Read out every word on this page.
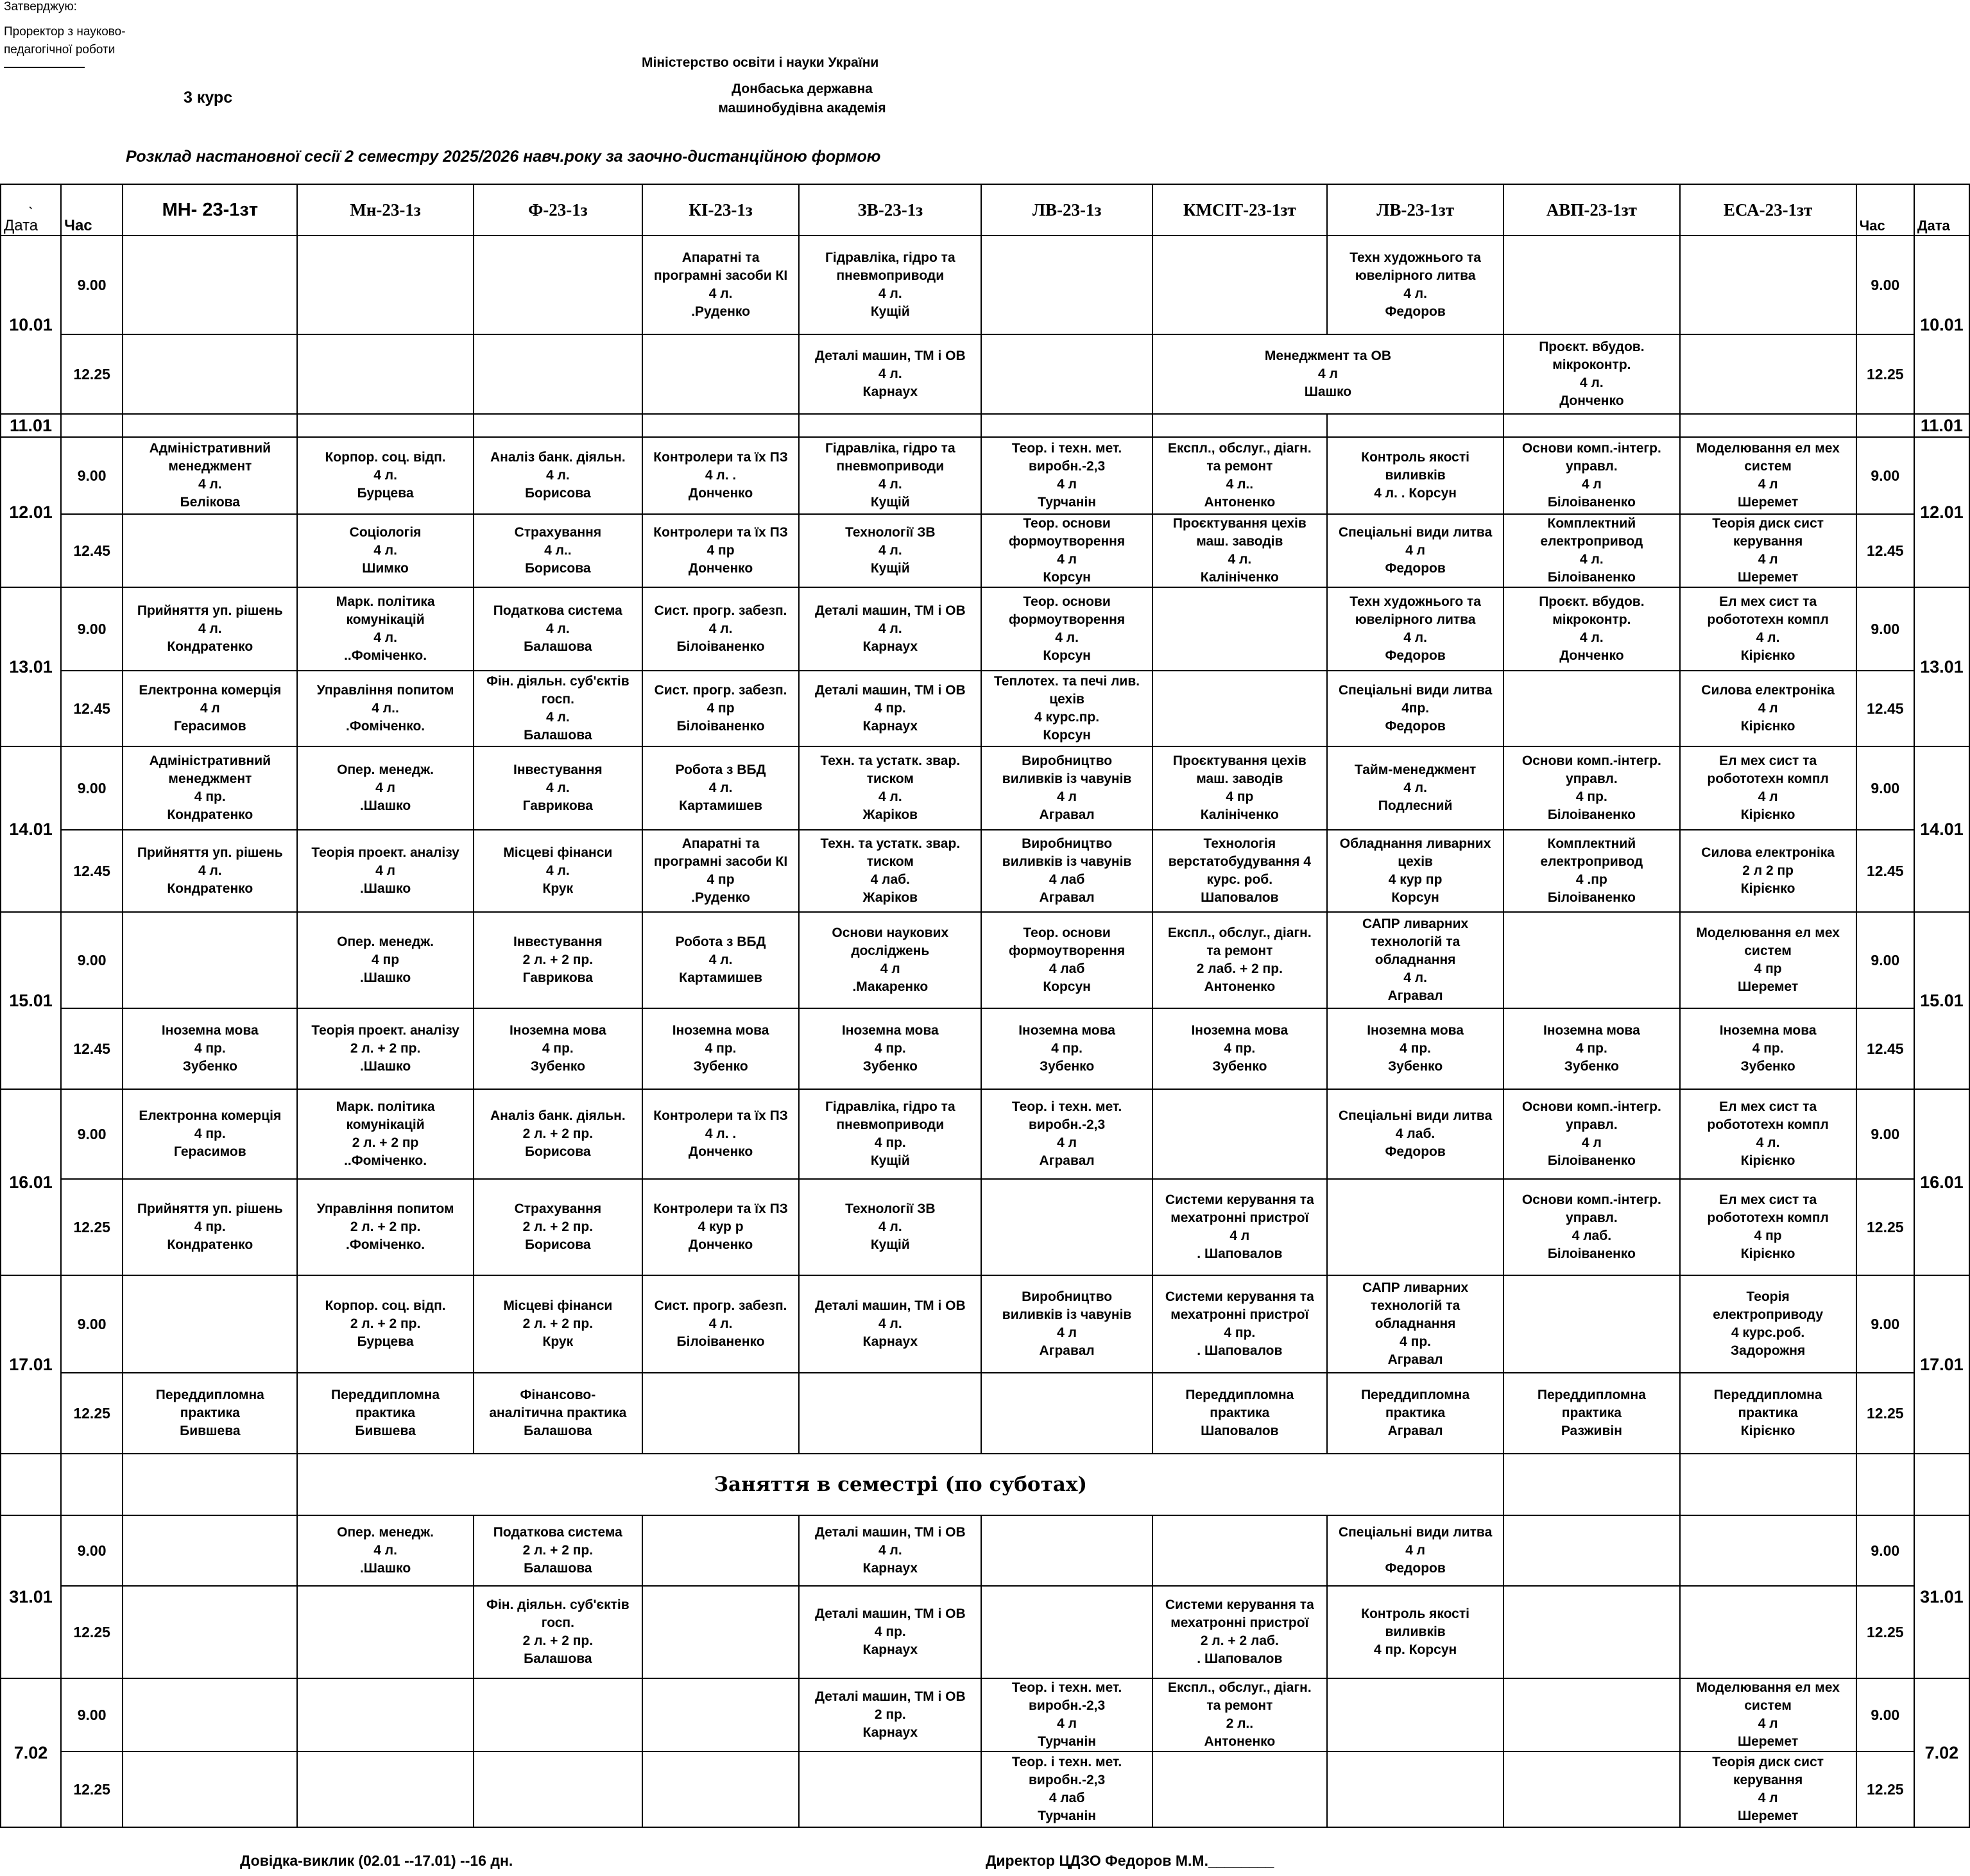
Затверджую:
Проректор з науково-педагогічної роботи
3 курс
Міністерство освіти і науки України
Донбаська державна
машинобудівна академія
Розклад настановної сесії 2 семестру 2025/2026 навч.року за заочно-дистанційною формою
`
Дата	Час	МН- 23-1зт	Мн-23-1з	Ф-23-1з	КІ-23-1з	ЗВ-23-1з	ЛВ-23-1з	КМСІТ-23-1зт	ЛВ-23-1зт	АВП-23-1зт	ЕСА-23-1зт	Час	Дата
10.01	9.00				Апаратні та
програмні засоби КІ
4 л.
.Руденко	Гідравліка, гідро та
пневмоприводи
4 л.
Кущій			Техн художнього та
ювелірного литва
4 л.
Федоров			9.00	10.01
	12.25					Деталі машин, ТМ і ОВ
4 л.
Карнаух		Менеджмент та ОВ
4 л
Шашко		Проєкт. вбудов.
мікроконтр.
4 л.
Донченко		12.25	
11.01													11.01
12.01	9.00	Адміністративний
менеджмент
4 л.
Белікова	Корпор. соц. відп.
4 л.
Бурцева	Аналіз банк. діяльн.
4 л.
Борисова	Контролери та їх ПЗ
4 л. .
Донченко	Гідравліка, гідро та
пневмоприводи
4 л.
Кущій	Теор. і техн. мет.
виробн.-2,3
4 л
Турчанін	Експл., обслуг., діагн.
та ремонт
4 л..
Антоненко	Контроль якості
виливків
4 л. . Корсун	Основи комп.-інтегр.
управл.
4 л
Білоіваненко	Моделювання ел мех
систем
4 л
Шеремет	9.00	12.01
	12.45		Соціологія
4 л.
Шимко	Страхування
4 л..
Борисова	Контролери та їх ПЗ
4 пр
Донченко	Технології ЗВ
4 л.
Кущій	Теор. основи
формоутворення
4 л
Корсун	Проєктування цехів
маш. заводів
4 л.
Калініченко	Спеціальні види литва
4 л
Федоров	Комплектний
електропривод
4 л.
Білоіваненко	Теорія диск сист
керування
4 л
Шеремет	12.45	
13.01	9.00	Прийняття уп. рішень
4 л.
Кондратенко	Марк. політика
комунікацій
4 л.
..Фоміченко.	Податкова система
4 л.
Балашова	Сист. прогр. забезп.
4 л.
Білоіваненко	Деталі машин, ТМ і ОВ
4 л.
Карнаух	Теор. основи
формоутворення
4 л.
Корсун		Техн художнього та
ювелірного литва
4 л.
Федоров	Проєкт. вбудов.
мікроконтр.
4 л.
Донченко	Ел мех сист та
робототехн компл
4 л.
Кірієнко	9.00	13.01
	12.45	Електронна комерція
4 л
Герасимов	Управління попитом
4 л..
.Фоміченко.	Фін. діяльн. суб'єктів
госп.
4 л.
Балашова	Сист. прогр. забезп.
4 пр
Білоіваненко	Деталі машин, ТМ і ОВ
4 пр.
Карнаух	Теплотех. та печі лив.
цехів
4 курс.пр.
Корсун		Спеціальні види литва
4пр.
Федоров		Силова електроніка
4 л
Кірієнко	12.45	
14.01	9.00	Адміністративний
менеджмент
4 пр.
Кондратенко	Опер. менедж.
4 л
.Шашко	Інвестування
4 л.
Гаврикова	Робота з ВБД
4 л.
Картамишев	Техн. та устатк. звар.
тиском
4 л.
Жаріков	Виробництво
виливків із чавунів
4 л
Агравал	Проєктування цехів
маш. заводів
4 пр
Калініченко	Тайм-менеджмент
4 л.
Подлесний	Основи комп.-інтегр.
управл.
4 пр.
Білоіваненко	Ел мех сист та
робототехн компл
4 л
Кірієнко	9.00	14.01
	12.45	Прийняття уп. рішень
4 л.
Кондратенко	Теорія проект. аналізу
4 л
.Шашко	Місцеві фінанси
4 л.
Крук	Апаратні та
програмні засоби КІ
4 пр
.Руденко	Техн. та устатк. звар.
тиском
4 лаб.
Жаріков	Виробництво
виливків із чавунів
4 лаб
Агравал	Технологія
верстатобудування 4
курс. роб.
Шаповалов	Обладнання ливарних
цехів
4 кур пр
Корсун	Комплектний
електропривод
4 .пр
Білоіваненко	Силова електроніка
2 л 2 пр
Кірієнко	12.45	
15.01	9.00		Опер. менедж.
4 пр
.Шашко	Інвестування
2 л. + 2 пр.
Гаврикова	Робота з ВБД
4 л.
Картамишев	Основи наукових
досліджень
4 л
.Макаренко	Теор. основи
формоутворення
4 лаб
Корсун	Експл., обслуг., діагн.
та ремонт
2 лаб. + 2 пр.
Антоненко	САПР ливарних
технологій та
обладнання
4 л.
Агравал		Моделювання ел мех
систем
4 пр
Шеремет	9.00	15.01
	12.45	Іноземна мова
4 пр.
Зубенко	Теорія проект. аналізу
2 л. + 2 пр.
.Шашко	Іноземна мова
4 пр.
Зубенко	Іноземна мова
4 пр.
Зубенко	Іноземна мова
4 пр.
Зубенко	Іноземна мова
4 пр.
Зубенко	Іноземна мова
4 пр.
Зубенко	Іноземна мова
4 пр.
Зубенко	Іноземна мова
4 пр.
Зубенко	Іноземна мова
4 пр.
Зубенко	12.45	
16.01	9.00	Електронна комерція
4 пр.
Герасимов	Марк. політика
комунікацій
2 л. + 2 пр
..Фоміченко.	Аналіз банк. діяльн.
2 л. + 2 пр.
Борисова	Контролери та їх ПЗ
4 л. .
Донченко	Гідравліка, гідро та
пневмоприводи
4 пр.
Кущій	Теор. і техн. мет.
виробн.-2,3
4 л
Агравал		Спеціальні види литва
4 лаб.
Федоров	Основи комп.-інтегр.
управл.
4 л
Білоіваненко	Ел мех сист та
робототехн компл
4 л.
Кірієнко	9.00	16.01
	12.25	Прийняття уп. рішень
4 пр.
Кондратенко	Управління попитом
2 л. + 2 пр.
.Фоміченко.	Страхування
2 л. + 2 пр.
Борисова	Контролери та їх ПЗ
4 кур р
Донченко	Технології ЗВ
4 л.
Кущій		Системи керування та
мехатронні пристрої
4 л
. Шаповалов		Основи комп.-інтегр.
управл.
4 лаб.
Білоіваненко	Ел мех сист та
робототехн компл
4 пр
Кірієнко	12.25	
17.01	9.00		Корпор. соц. відп.
2 л. + 2 пр.
Бурцева	Місцеві фінанси
2 л. + 2 пр.
Крук	Сист. прогр. забезп.
4 л.
Білоіваненко	Деталі машин, ТМ і ОВ
4 л.
Карнаух	Виробництво
виливків із чавунів
4 л
Агравал	Системи керування та
мехатронні пристрої
4 пр.
. Шаповалов	САПР ливарних
технологій та
обладнання
4 пр.
Агравал		Теорія
електроприводу
4 курс.роб.
Задорожня	9.00	17.01
	12.25	Переддипломна
практика
Бившева	Переддипломна
практика
Бившева	Фінансово-
аналітична практика
Балашова				Переддипломна
практика
Шаповалов	Переддипломна
практика
Агравал	Переддипломна
практика
Разживін	Переддипломна
практика
Кірієнко	12.25	
			Заняття в семестрі (по суботах)										
31.01	9.00		Опер. менедж.
4 л.
.Шашко	Податкова система
2 л. + 2 пр.
Балашова		Деталі машин, ТМ і ОВ
4 л.
Карнаух			Спеціальні види литва
4 л
Федоров			9.00	31.01
	12.25			Фін. діяльн. суб'єктів
госп.
2 л. + 2 пр.
Балашова		Деталі машин, ТМ і ОВ
4 пр.
Карнаух		Системи керування та
мехатронні пристрої
2 л. + 2 лаб.
. Шаповалов	Контроль якості
виливків
4 пр. Корсун			12.25	
7.02	9.00					Деталі машин, ТМ і ОВ
2 пр.
Карнаух	Теор. і техн. мет.
виробн.-2,3
4 л
Турчанін	Експл., обслуг., діагн.
та ремонт
2 л..
Антоненко			Моделювання ел мех
систем
4 л
Шеремет	9.00	7.02
	12.25						Теор. і техн. мет.
виробн.-2,3
4 лаб
Турчанін				Теорія диск сист
керування
4 л
Шеремет	12.25	
Довідка-виклик (02.01 --17.01) --16 дн.	Директор ЦДЗО Федоров М.М.________
